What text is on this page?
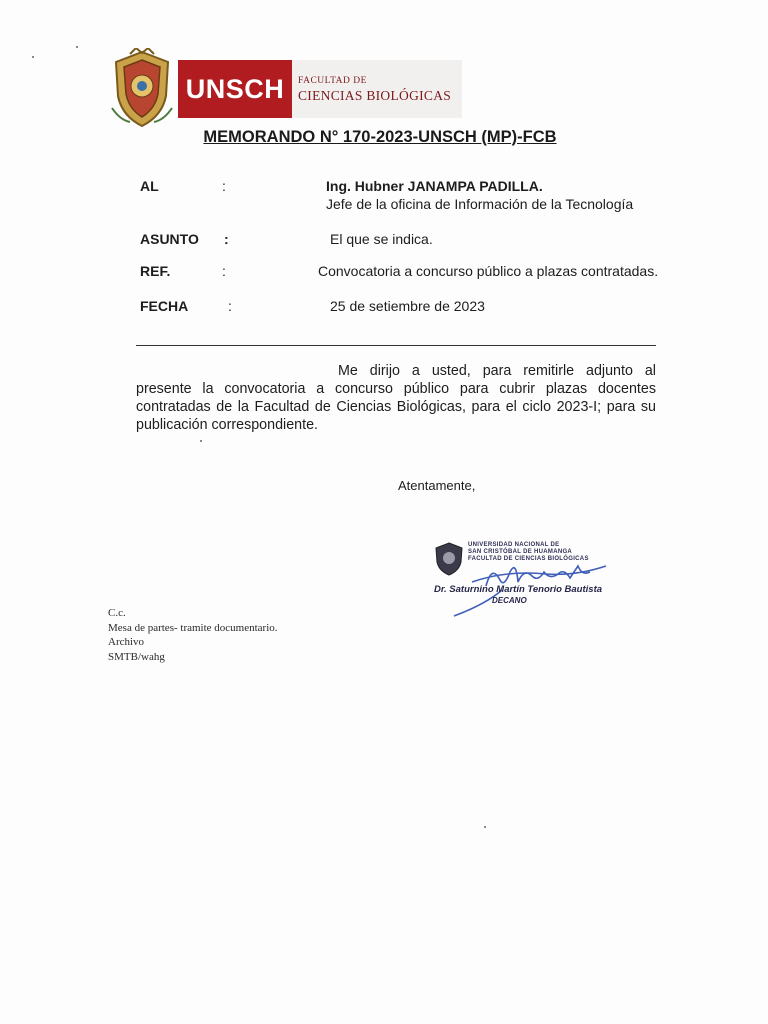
UNSCH FACULTAD DE
CIENCIAS BIOLÓGICAS
MEMORANDO N° 170-2023-UNSCH (MP)-FCB
AL	:	Ing. Hubner JANAMPA PADILLA.
Jefe de la oficina de Información de la Tecnología
ASUNTO :	El que se indica.
REF.	:	Convocatoria a concurso público a plazas contratadas.
FECHA	:	25 de setiembre de 2023
Me dirijo a usted, para remitirle adjunto al presente la convocatoria a concurso público para cubrir plazas docentes contratadas de la Facultad de Ciencias Biológicas, para el ciclo 2023-I; para su publicación correspondiente.
Atentamente,
UNIVERSIDAD NACIONAL DE
SAN CRISTÓBAL DE HUAMANGA
FACULTAD DE CIENCIAS BIOLÓGICAS
Dr. Saturnino Martín Tenorio Bautista
DECANO
C.c.
Mesa de partes- tramite documentario.
Archivo
SMTB/wahg
